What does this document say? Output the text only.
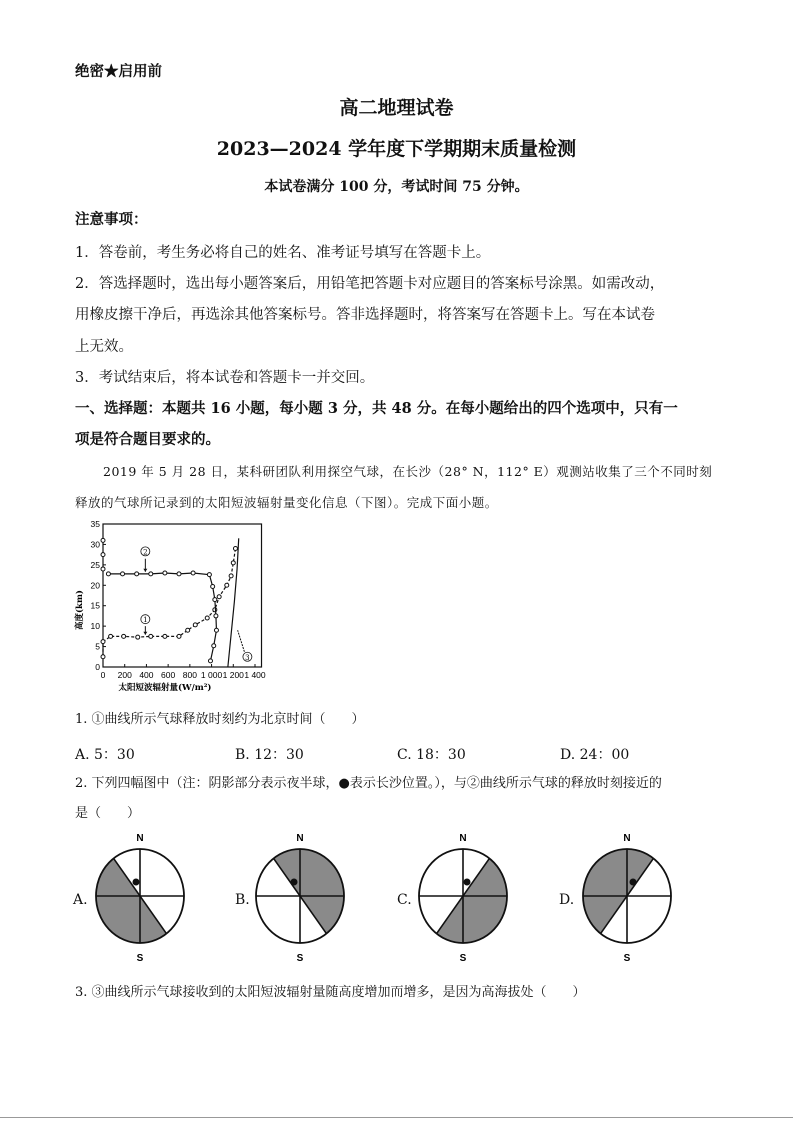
绝密★启用前
高二地理试卷
2023—2024 学年度下学期期末质量检测
本试卷满分 100 分，考试时间 75 分钟。
注意事项：
1．答卷前，考生务必将自己的姓名、准考证号填写在答题卡上。
2．答选择题时，选出每小题答案后，用铅笔把答题卡对应题目的答案标号涂黑。如需改动，
用橡皮擦干净后，再选涂其他答案标号。答非选择题时，将答案写在答题卡上。写在本试卷
上无效。
3．考试结束后，将本试卷和答题卡一并交回。
一、选择题：本题共 16 小题，每小题 3 分，共 48 分。在每小题给出的四个选项中，只有一
项是符合题目要求的。
2019 年 5 月 28 日，某科研团队利用探空气球，在长沙（28° N，112° E）观测站收集了三个不同时刻
释放的气球所记录到的太阳短波辐射量变化信息（下图）。完成下面小题。
0 200 400 600 800 1 000 1 200 1 400
0
5
10
15
20
25
30
35
太阳短波辐射量(W/m²)
高度(km)
2
1
3
1. ①曲线所示气球释放时刻约为北京时间（　　）
A. 5：30	B. 12：30	C. 18：30	D. 24：00
2. 下列四幅图中（注：阴影部分表示夜半球，●表示长沙位置。），与②曲线所示气球的释放时刻接近的
是（　　）
A.	B.	C.	D.
N
S
N
S
N
S
N
S
3. ③曲线所示气球接收到的太阳短波辐射量随高度增加而增多，是因为高海拔处（　　）
